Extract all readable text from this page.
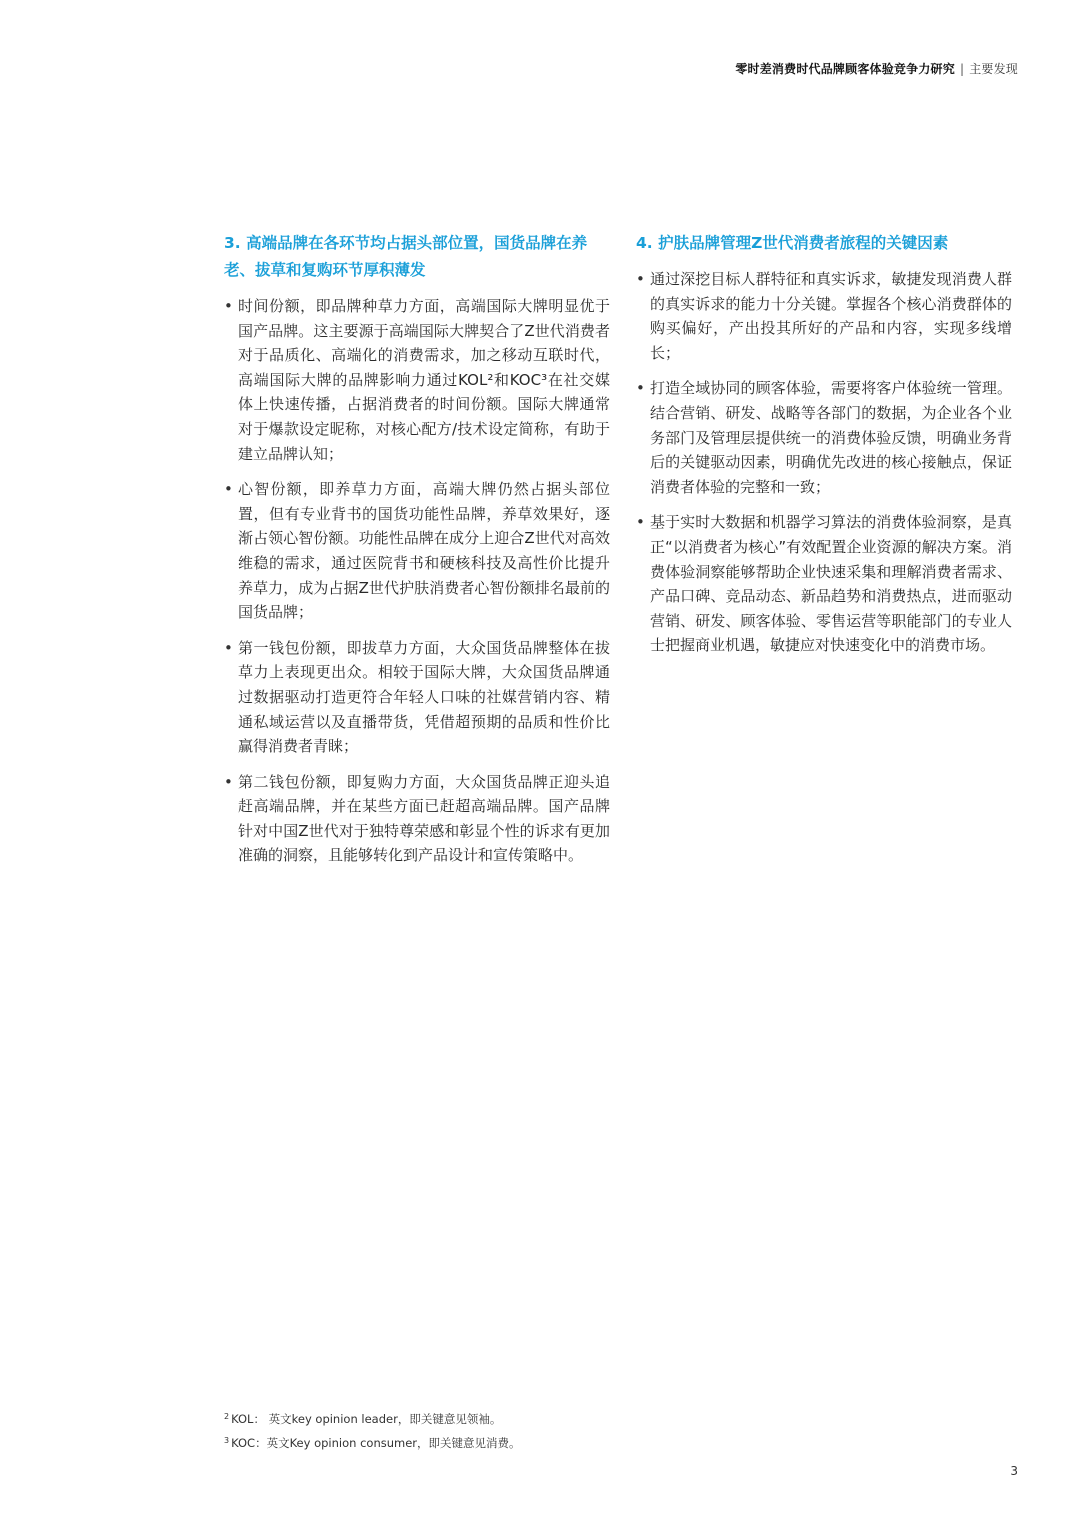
零时差消费时代品牌顾客体验竞争力研究 | 主要发现
3. 高端品牌在各环节均占据头部位置，国货品牌在养老、拔草和复购环节厚积薄发
• 时间份额，即品牌种草力方面，高端国际大牌明显优于国产品牌。这主要源于高端国际大牌契合了Z世代消费者对于品质化、高端化的消费需求，加之移动互联时代，高端国际大牌的品牌影响力通过KOL²和KOC³在社交媒体上快速传播，占据消费者的时间份额。国际大牌通常对于爆款设定昵称，对核心配方/技术设定简称，有助于建立品牌认知；
• 心智份额，即养草力方面，高端大牌仍然占据头部位置，但有专业背书的国货功能性品牌，养草效果好，逐渐占领心智份额。功能性品牌在成分上迎合Z世代对高效维稳的需求，通过医院背书和硬核科技及高性价比提升养草力，成为占据Z世代护肤消费者心智份额排名最前的国货品牌；
• 第一钱包份额，即拔草力方面，大众国货品牌整体在拔草力上表现更出众。相较于国际大牌，大众国货品牌通过数据驱动打造更符合年轻人口味的社媒营销内容、精通私域运营以及直播带货，凭借超预期的品质和性价比赢得消费者青睐；
• 第二钱包份额，即复购力方面，大众国货品牌正迎头追赶高端品牌，并在某些方面已赶超高端品牌。国产品牌针对中国Z世代对于独特尊荣感和彰显个性的诉求有更加准确的洞察，且能够转化到产品设计和宣传策略中。
4. 护肤品牌管理Z世代消费者旅程的关键因素
• 通过深挖目标人群特征和真实诉求，敏捷发现消费人群的真实诉求的能力十分关键。掌握各个核心消费群体的购买偏好，产出投其所好的产品和内容，实现多线增长；
• 打造全域协同的顾客体验，需要将客户体验统一管理。 结合营销、研发、战略等各部门的数据，为企业各个业务部门及管理层提供统一的消费体验反馈，明确业务背后的关键驱动因素，明确优先改进的核心接触点，保证消费者体验的完整和一致；
• 基于实时大数据和机器学习算法的消费体验洞察，是真正“以消费者为核心”有效配置企业资源的解决方案。消费体验洞察能够帮助企业快速采集和理解消费者需求、产品口碑、竞品动态、新品趋势和消费热点，进而驱动营销、研发、顾客体验、零售运营等职能部门的专业人士把握商业机遇，敏捷应对快速变化中的消费市场。
$^2$ KOL： 英文key opinion leader，即关键意见领袖。
$^3$ KOC：英文Key opinion consumer，即关键意见消费。
3
